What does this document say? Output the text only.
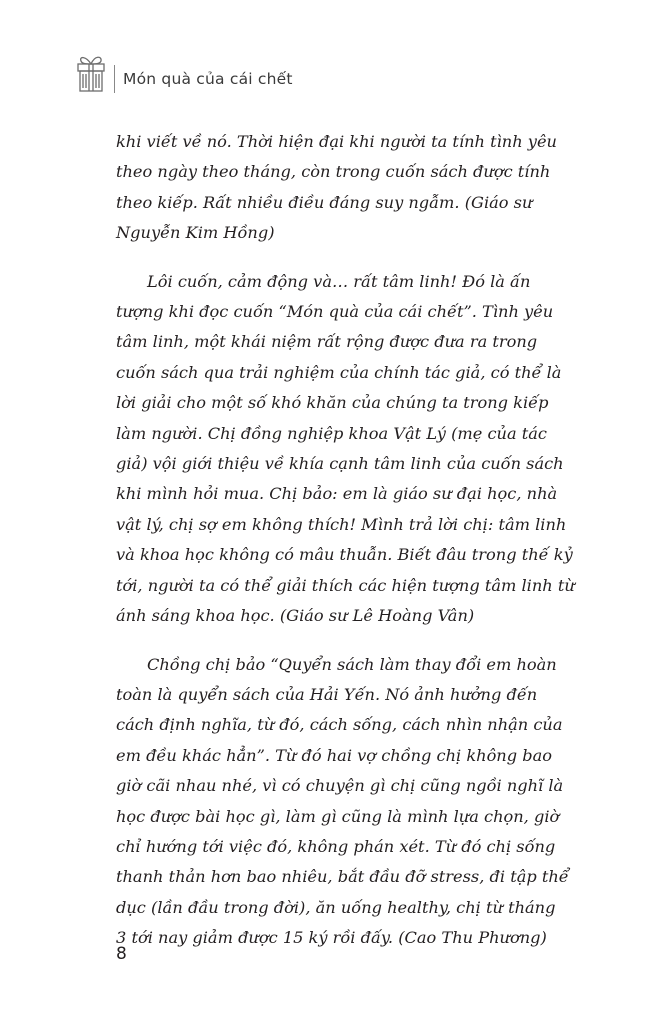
Món quà của cái chết

khi viết về nó. Thời hiện đại khi người ta tính tình yêu
theo ngày theo tháng, còn trong cuốn sách được tính
theo kiếp. Rất nhiều điều đáng suy ngẫm. (Giáo sư
Nguyễn Kim Hồng)

Lôi cuốn, cảm động và… rất tâm linh! Đó là ấn
tượng khi đọc cuốn “Món quà của cái chết”. Tình yêu
tâm linh, một khái niệm rất rộng được đưa ra trong
cuốn sách qua trải nghiệm của chính tác giả, có thể là
lời giải cho một số khó khăn của chúng ta trong kiếp
làm người. Chị đồng nghiệp khoa Vật Lý (mẹ của tác
giả) vội giới thiệu về khía cạnh tâm linh của cuốn sách
khi mình hỏi mua. Chị bảo: em là giáo sư đại học, nhà
vật lý, chị sợ em không thích! Mình trả lời chị: tâm linh
và khoa học không có mâu thuẫn. Biết đâu trong thế kỷ
tới, người ta có thể giải thích các hiện tượng tâm linh từ
ánh sáng khoa học. (Giáo sư Lê Hoàng Vân)

Chồng chị bảo “Quyển sách làm thay đổi em hoàn
toàn là quyển sách của Hải Yến. Nó ảnh hưởng đến
cách định nghĩa, từ đó, cách sống, cách nhìn nhận của
em đều khác hẳn”. Từ đó hai vợ chồng chị không bao
giờ cãi nhau nhé, vì có chuyện gì chị cũng ngồi nghĩ là
học được bài học gì, làm gì cũng là mình lựa chọn, giờ
chỉ hướng tới việc đó, không phán xét. Từ đó chị sống
thanh thản hơn bao nhiêu, bắt đầu đỡ stress, đi tập thể
dục (lần đầu trong đời), ăn uống healthy, chị từ tháng
3 tới nay giảm được 15 ký rồi đấy. (Cao Thu Phương)

8
